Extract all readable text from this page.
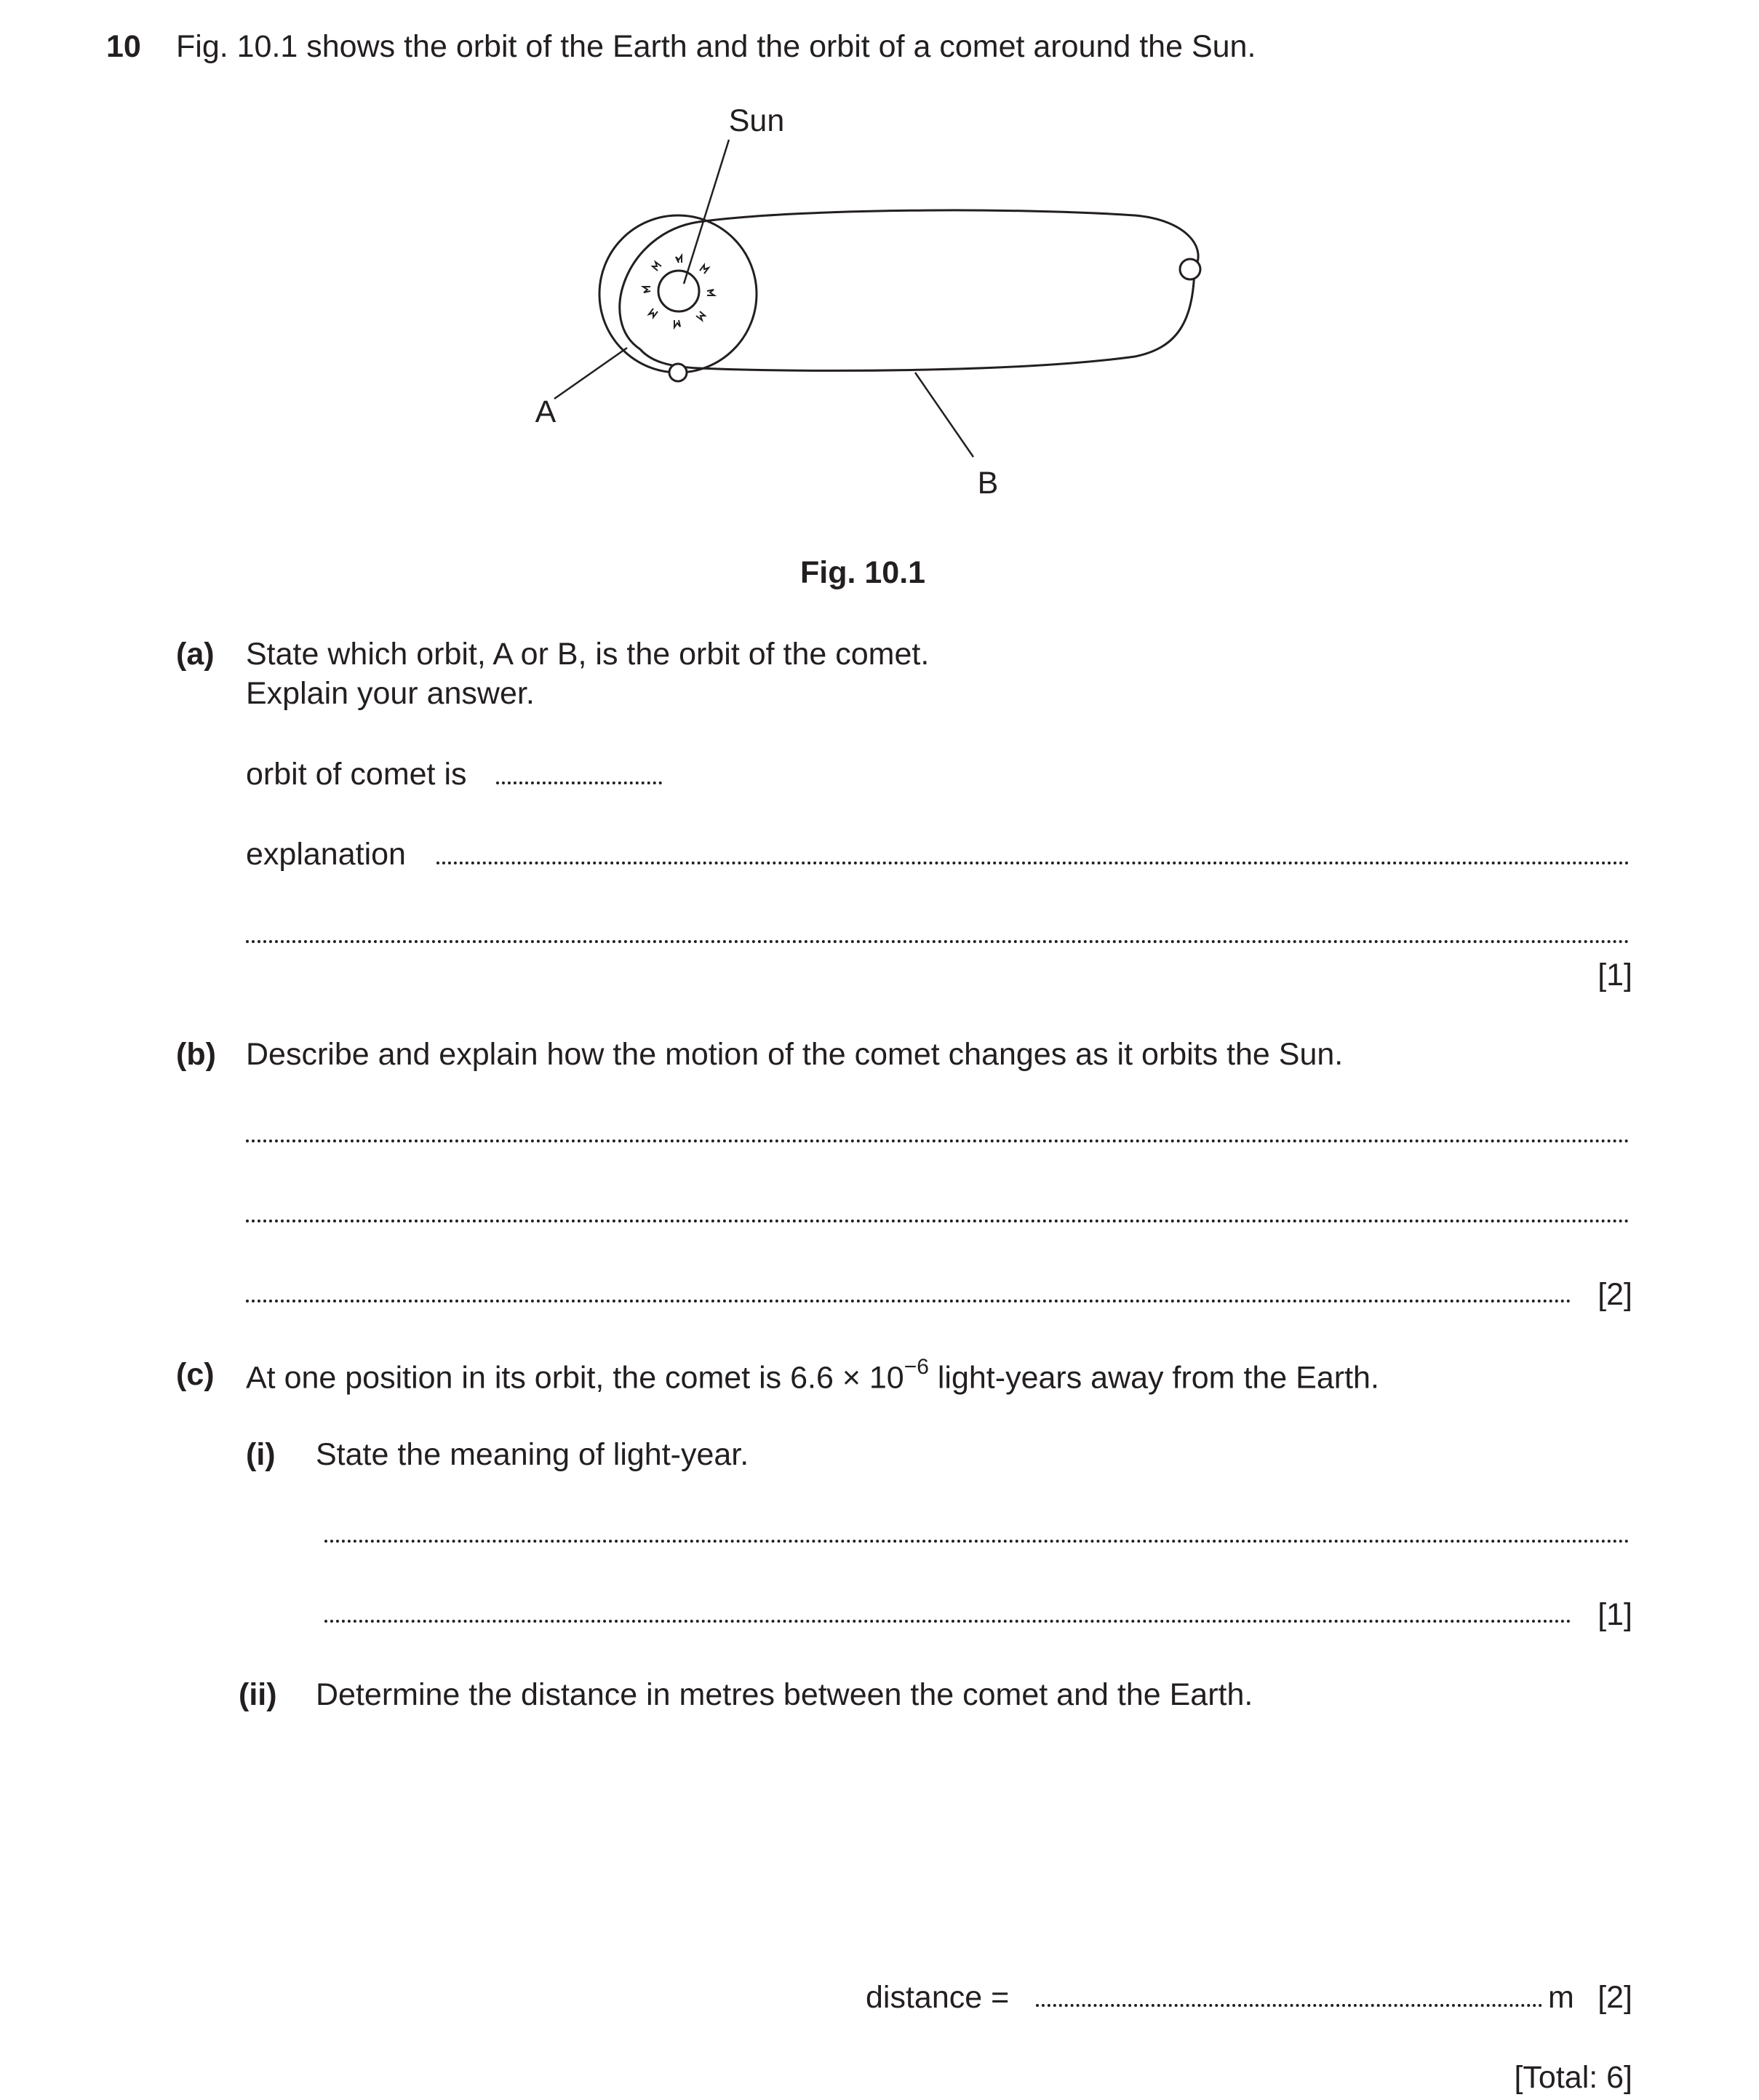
10 Fig. 10.1 shows the orbit of the Earth and the orbit of a comet around the Sun.
Sun
A
B
Fig. 10.1
(a) State which orbit, A or B, is the orbit of the comet.
Explain your answer.
orbit of comet is
explanation
[1]
(b) Describe and explain how the motion of the comet changes as it orbits the Sun.
[2]
(c) At one position in its orbit, the comet is $6.6 \times 10^{-6}$ light-years away from the Earth.
(i) State the meaning of light-year.
[1]
(ii) Determine the distance in metres between the comet and the Earth.
distance =	m [2]
[Total: 6]
